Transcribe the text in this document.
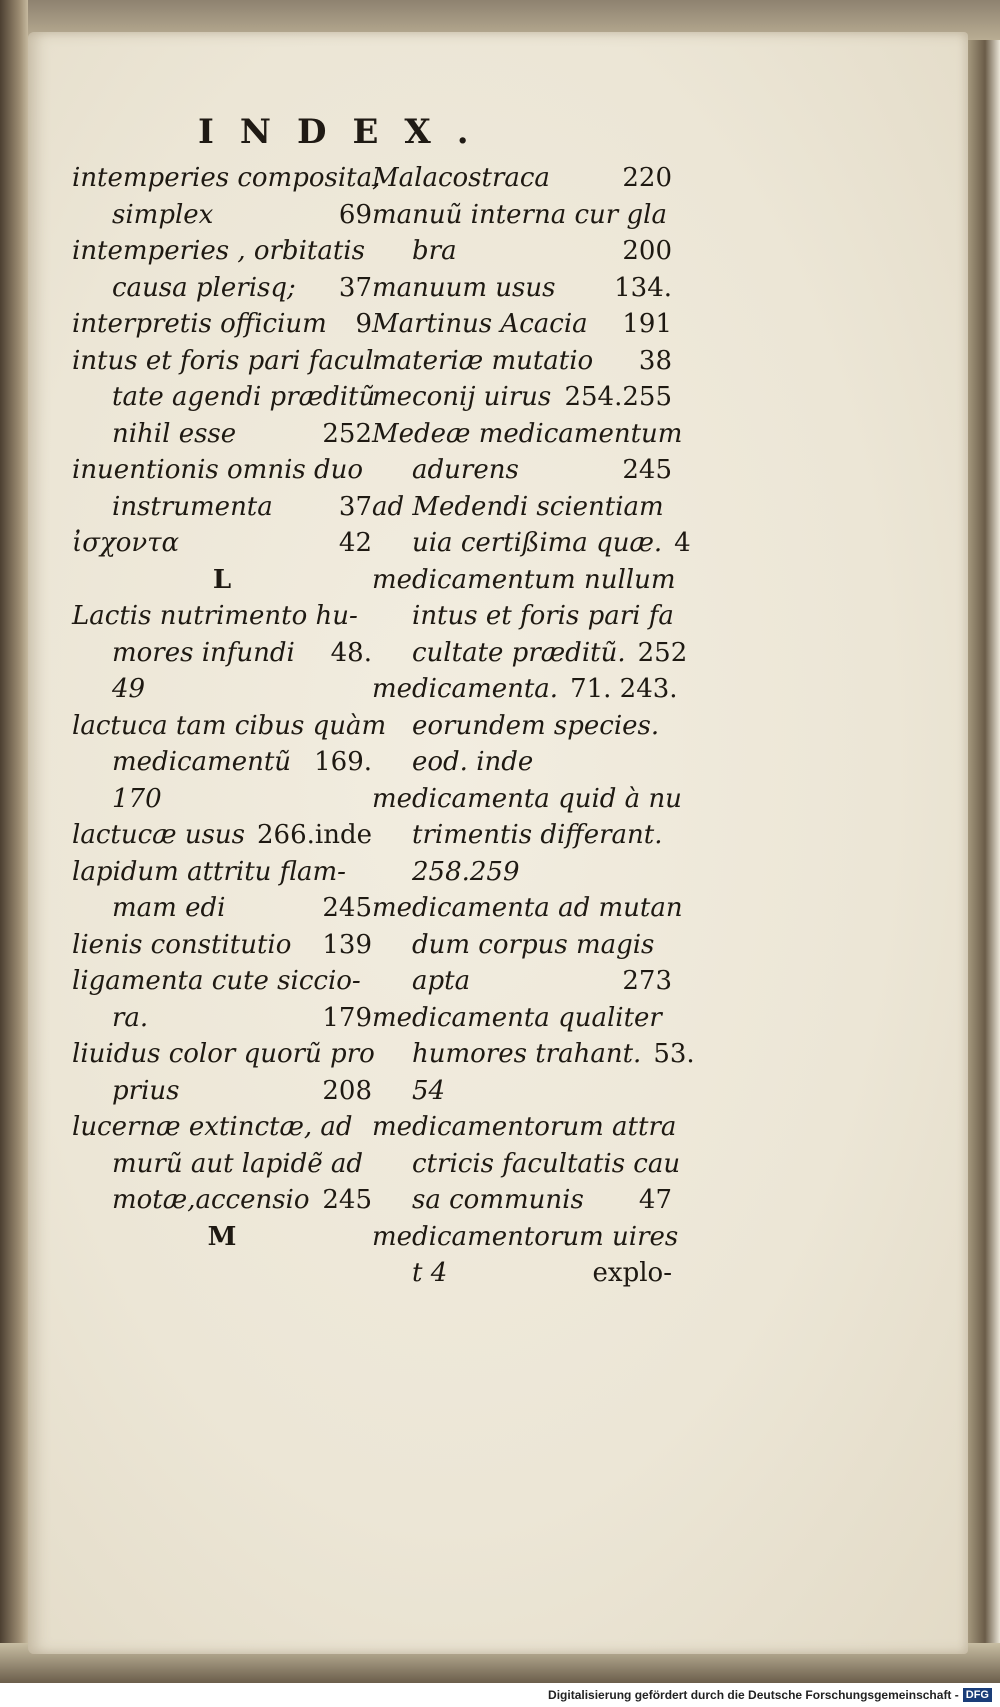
INDEX.
intemperies composita,
simplex	69
intemperies , orbitatis
causa plerisq;	37
interpretis officium	9
intus et foris pari facul
tate agendi præditũ
nihil esse	252
inuentionis omnis duo
instrumenta	37
ἰσχοντα	42
L
Lactis nutrimento hu-
mores infundi	48.
49
lactuca tam cibus quàm
medicamentũ 169.
170
lactucæ usus 266.inde
lapidum attritu flam-
mam edi	245
lienis constitutio	139
ligamenta cute siccio-
ra.	179
liuidus color quorũ pro
prius	208
lucernæ extinctæ, ad
murũ aut lapidẽ ad
motæ,accensio 245
M
Malacostraca	220
manuũ interna cur gla
bra	200
manuum usus	134.
Martinus Acacia	191
materiæ mutatio	38
meconij uirus 254.255
Medeæ medicamentum
adurens	245
ad Medendi scientiam
uia certißima quæ. 4
medicamentum nullum
intus et foris pari fa
cultate præditũ. 252
medicamenta. 71. 243.
eorundem species.
eod. inde
medicamenta quid à nu
trimentis differant.
258.259
medicamenta ad mutan
dum corpus magis
apta	273
medicamenta qualiter
humores trahant. 53.
54
medicamentorum attra
ctricis facultatis cau
sa communis	47
medicamentorum uires
t 4	explo-
Digitalisierung gefördert durch die Deutsche Forschungsgemeinschaft - DFG
